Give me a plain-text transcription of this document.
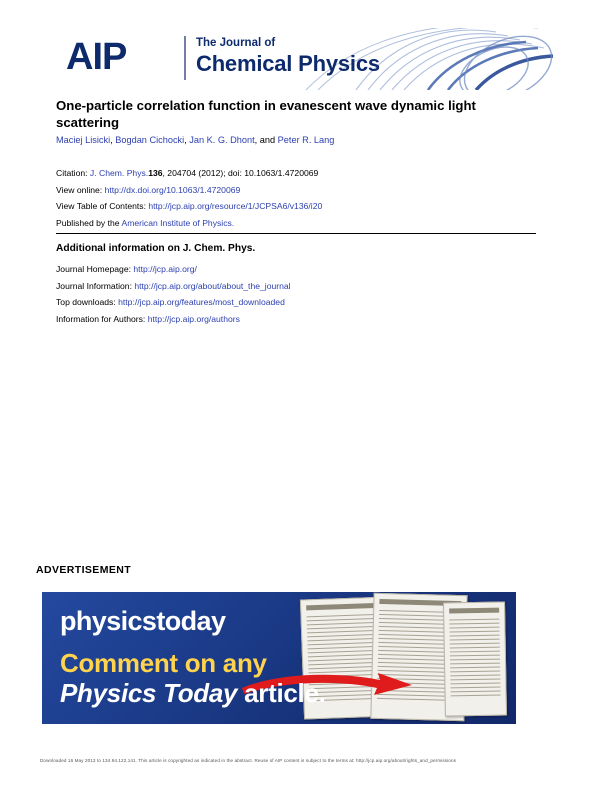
AIP	The Journal of
Chemical Physics
One-particle correlation function in evanescent wave dynamic light scattering
Maciej Lisicki, Bogdan Cichocki, Jan K. G. Dhont, and Peter R. Lang
Citation: J. Chem. Phys.136, 204704 (2012); doi: 10.1063/1.4720069
View online: http://dx.doi.org/10.1063/1.4720069
View Table of Contents: http://jcp.aip.org/resource/1/JCPSA6/v136/i20
Published by the American Institute of Physics.
Additional information on J. Chem. Phys.
Journal Homepage: http://jcp.aip.org/
Journal Information: http://jcp.aip.org/about/about_the_journal
Top downloads: http://jcp.aip.org/features/most_downloaded
Information for Authors: http://jcp.aip.org/authors
ADVERTISEMENT
physicstoday
Comment on any
Physics Today article.
Downloaded 16 May 2013 to 134.94.122.141. This article is copyrighted as indicated in the abstract. Reuse of AIP content is subject to the terms at: http://jcp.aip.org/about/rights_and_permissions
